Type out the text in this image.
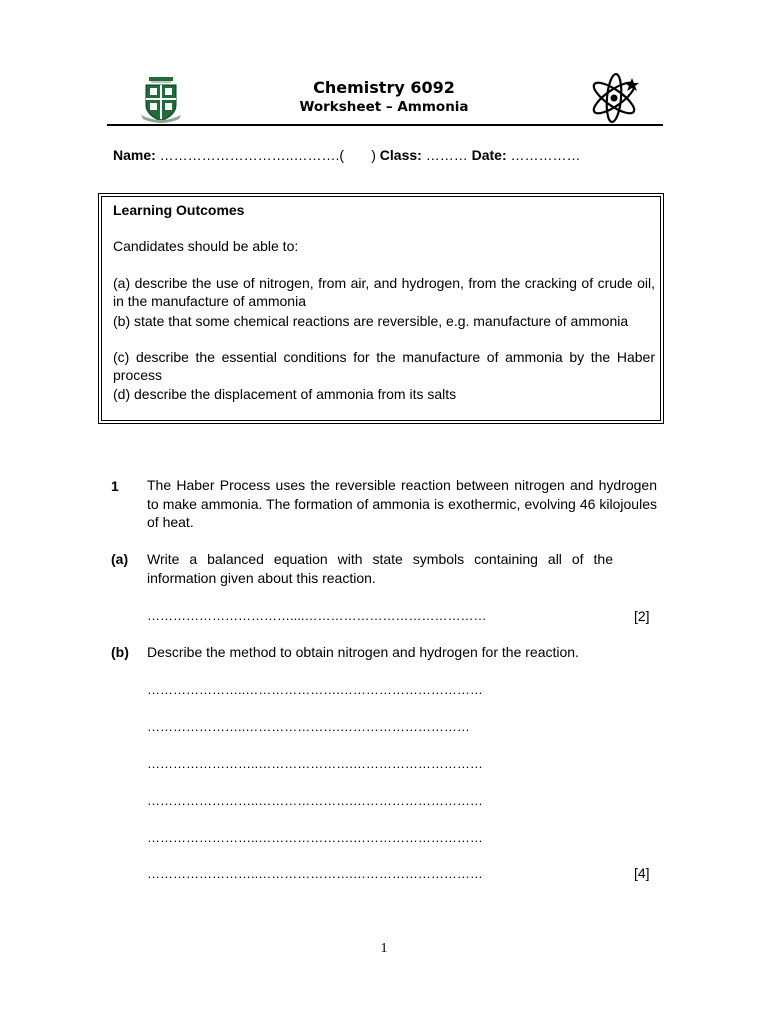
Chemistry 6092
Worksheet – Ammonia
Name: ………………………..……….(       ) Class: ……… Date: ……………
Learning Outcomes
Candidates should be able to:
(a) describe the use of nitrogen, from air, and hydrogen, from the cracking of crude oil, in the manufacture of ammonia
(b) state that some chemical reactions are reversible, e.g. manufacture of ammonia
(c) describe the essential conditions for the manufacture of ammonia by the Haber process
(d) describe the displacement of ammonia from its salts
1 The Haber Process uses the reversible reaction between nitrogen and hydrogen to make ammonia. The formation of ammonia is exothermic, evolving 46 kilojoules of heat.
(a) Write a balanced equation with state symbols containing all of the information given about this reaction.
……………………………....……………………………………	[2]
(b) Describe the method to obtain nitrogen and hydrogen for the reaction.
…………………..………………….……………………………
…………………..………………….…………………………
……………………..………………….…………………………
……………………..………………….…………………………
……………………..………………….…………………………
……………………..………………….…………………………	[4]
1
